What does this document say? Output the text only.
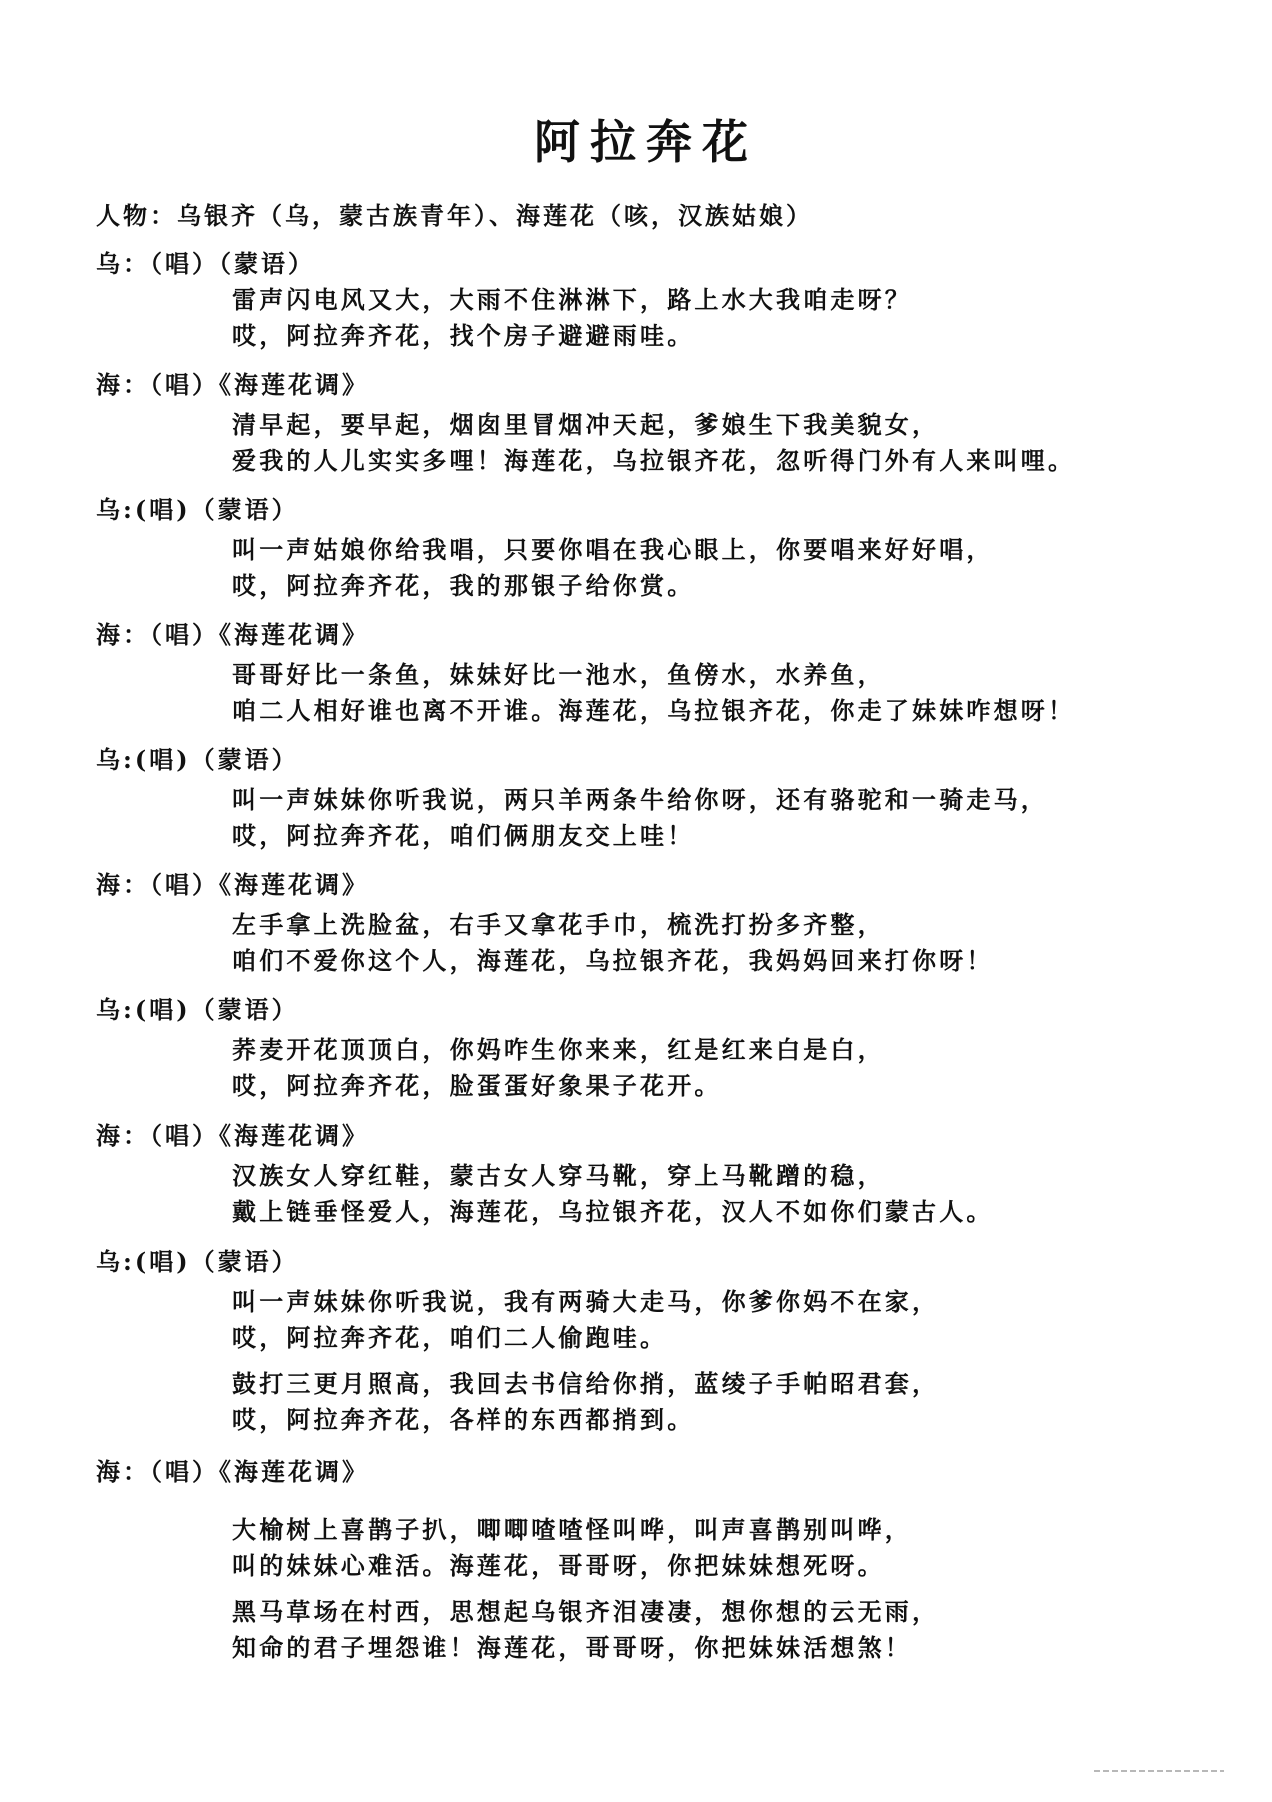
阿拉奔花
人物：乌银齐（乌，蒙古族青年）、海莲花（咳，汉族姑娘）
乌：（唱）（蒙语）
雷声闪电风又大，大雨不住淋淋下，路上水大我咱走呀？
哎，阿拉奔齐花，找个房子避避雨哇。
海：（唱）《海莲花调》
清早起，要早起，烟囱里冒烟冲天起，爹娘生下我美貌女，
爱我的人儿实实多哩！海莲花，乌拉银齐花，忽听得门外有人来叫哩。
乌:(唱)（蒙语）
叫一声姑娘你给我唱，只要你唱在我心眼上，你要唱来好好唱，
哎，阿拉奔齐花，我的那银子给你赏。
海：（唱）《海莲花调》
哥哥好比一条鱼，妹妹好比一池水，鱼傍水，水养鱼，
咱二人相好谁也离不开谁。海莲花，乌拉银齐花，你走了妹妹咋想呀！
乌:(唱)（蒙语）
叫一声妹妹你听我说，两只羊两条牛给你呀，还有骆驼和一骑走马，
哎，阿拉奔齐花，咱们俩朋友交上哇！
海：（唱）《海莲花调》
左手拿上洗脸盆，右手又拿花手巾，梳洗打扮多齐整，
咱们不爱你这个人，海莲花，乌拉银齐花，我妈妈回来打你呀！
乌:(唱)（蒙语）
荞麦开花顶顶白，你妈咋生你来来，红是红来白是白，
哎，阿拉奔齐花，脸蛋蛋好象果子花开。
海：（唱）《海莲花调》
汉族女人穿红鞋，蒙古女人穿马靴，穿上马靴蹭的稳，
戴上链垂怪爱人，海莲花，乌拉银齐花，汉人不如你们蒙古人。
乌:(唱)（蒙语）
叫一声妹妹你听我说，我有两骑大走马，你爹你妈不在家，
哎，阿拉奔齐花，咱们二人偷跑哇。
鼓打三更月照高，我回去书信给你捎，蓝绫子手帕昭君套，
哎，阿拉奔齐花，各样的东西都捎到。
海：（唱）《海莲花调》
大榆树上喜鹊子扒，唧唧喳喳怪叫哗，叫声喜鹊别叫哗，
叫的妹妹心难活。海莲花，哥哥呀，你把妹妹想死呀。
黑马草场在村西，思想起乌银齐泪凄凄，想你想的云无雨，
知命的君子埋怨谁！海莲花，哥哥呀，你把妹妹活想煞！
